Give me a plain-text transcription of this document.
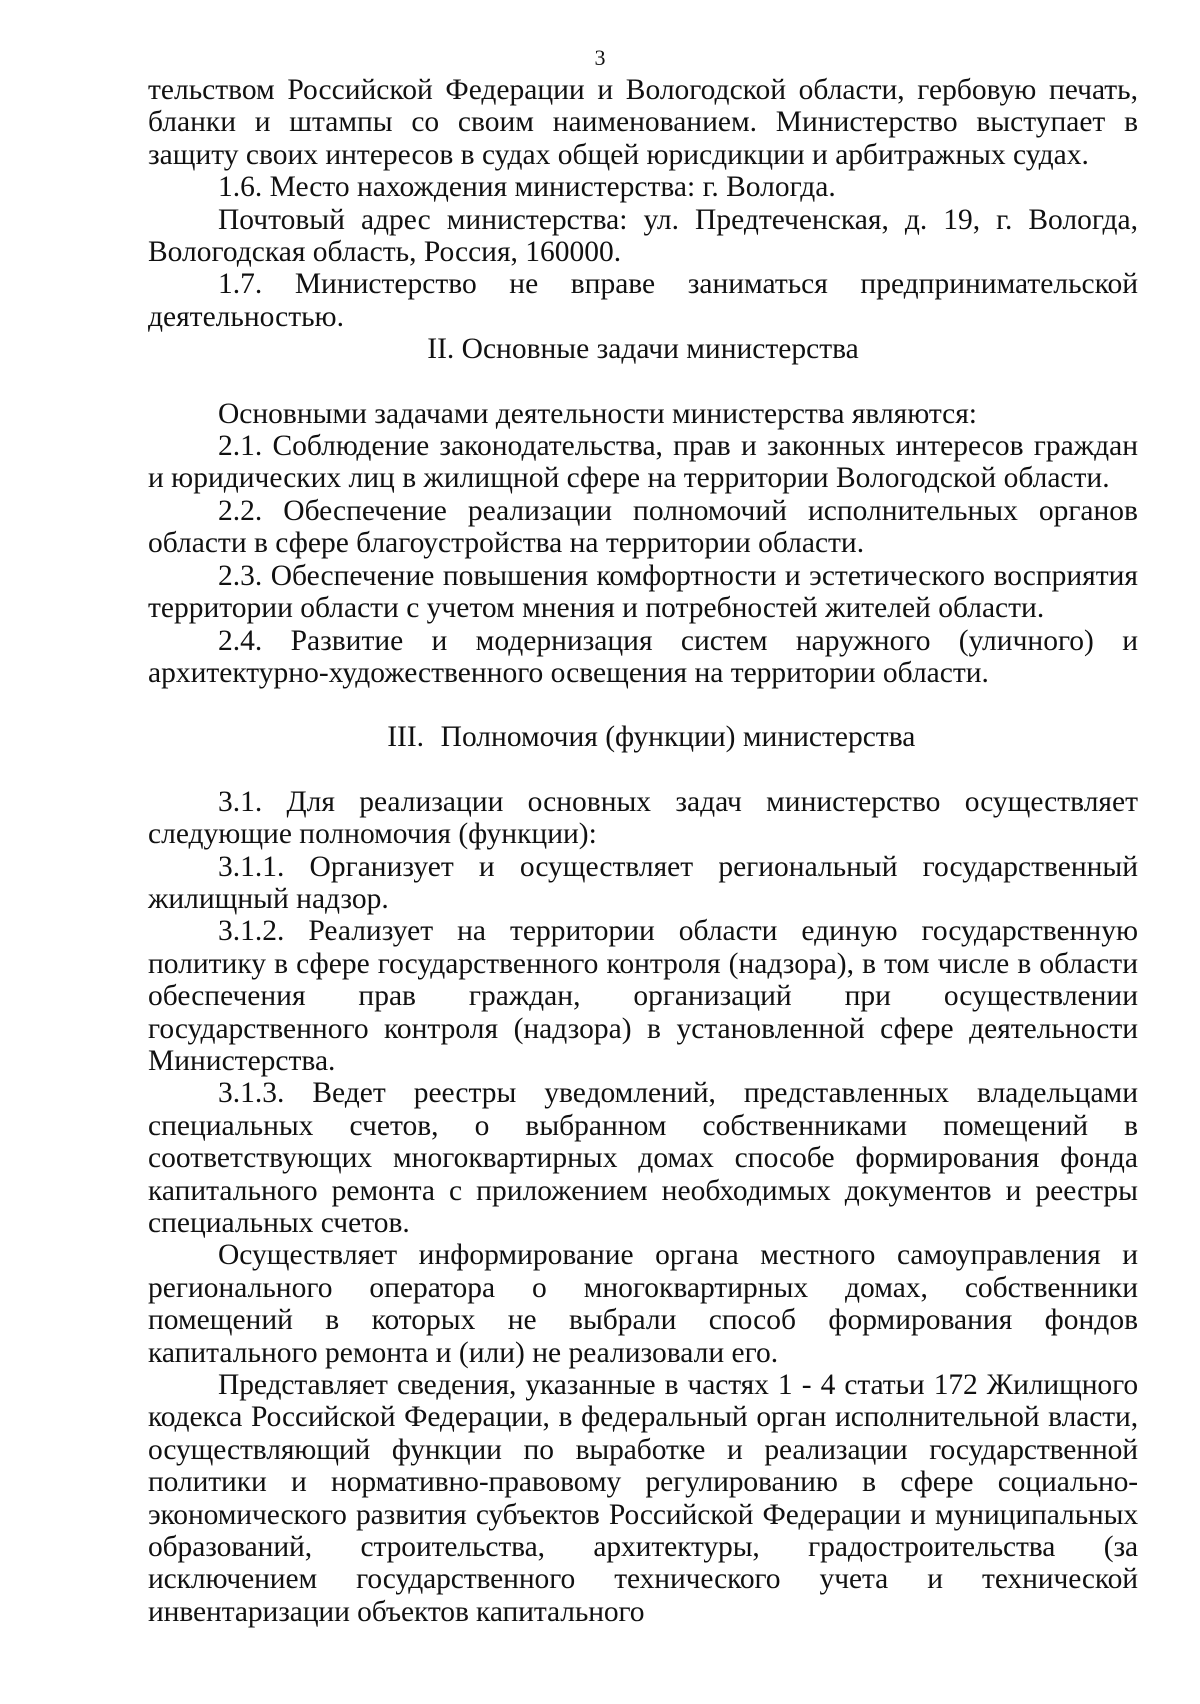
3

тельством Российской Федерации и Вологодской области, гербовую печать, бланки и штампы со своим наименованием. Министерство выступает в защиту своих интересов в судах общей юрисдикции и арбитражных судах.

1.6. Место нахождения министерства: г. Вологда.

Почтовый адрес министерства: ул. Предтеченская, д. 19, г. Вологда, Вологодская область, Россия, 160000.

1.7. Министерство не вправе заниматься предпринимательской деятельностью.

II. Основные задачи министерства

Основными задачами деятельности министерства являются:

2.1. Соблюдение законодательства, прав и законных интересов граждан и юридических лиц в жилищной сфере на территории Вологодской области.

2.2. Обеспечение реализации полномочий исполнительных органов области в сфере благоустройства на территории области.

2.3. Обеспечение повышения комфортности и эстетического восприятия территории области с учетом мнения и потребностей жителей области.

2.4. Развитие и модернизация систем наружного (уличного) и архитектурно-художественного освещения на территории области.

III. Полномочия (функции) министерства

3.1. Для реализации основных задач министерство осуществляет следующие полномочия (функции):

3.1.1. Организует и осуществляет региональный государственный жилищный надзор.

3.1.2. Реализует на территории области единую государственную политику в сфере государственного контроля (надзора), в том числе в области обеспечения прав граждан, организаций при осуществлении государственного контроля (надзора) в установленной сфере деятельности Министерства.

3.1.3. Ведет реестры уведомлений, представленных владельцами специальных счетов, о выбранном собственниками помещений в соответствующих многоквартирных домах способе формирования фонда капитального ремонта с приложением необходимых документов и реестры специальных счетов.

Осуществляет информирование органа местного самоуправления и регионального оператора о многоквартирных домах, собственники помещений в которых не выбрали способ формирования фондов капитального ремонта и (или) не реализовали его.

Представляет сведения, указанные в частях 1 - 4 статьи 172 Жилищного кодекса Российской Федерации, в федеральный орган исполнительной власти, осуществляющий функции по выработке и реализации государственной политики и нормативно-правовому регулированию в сфере социально-экономического развития субъектов Российской Федерации и муниципальных образований, строительства, архитектуры, градостроительства (за исключением государственного технического учета и технической инвентаризации объектов капитального
